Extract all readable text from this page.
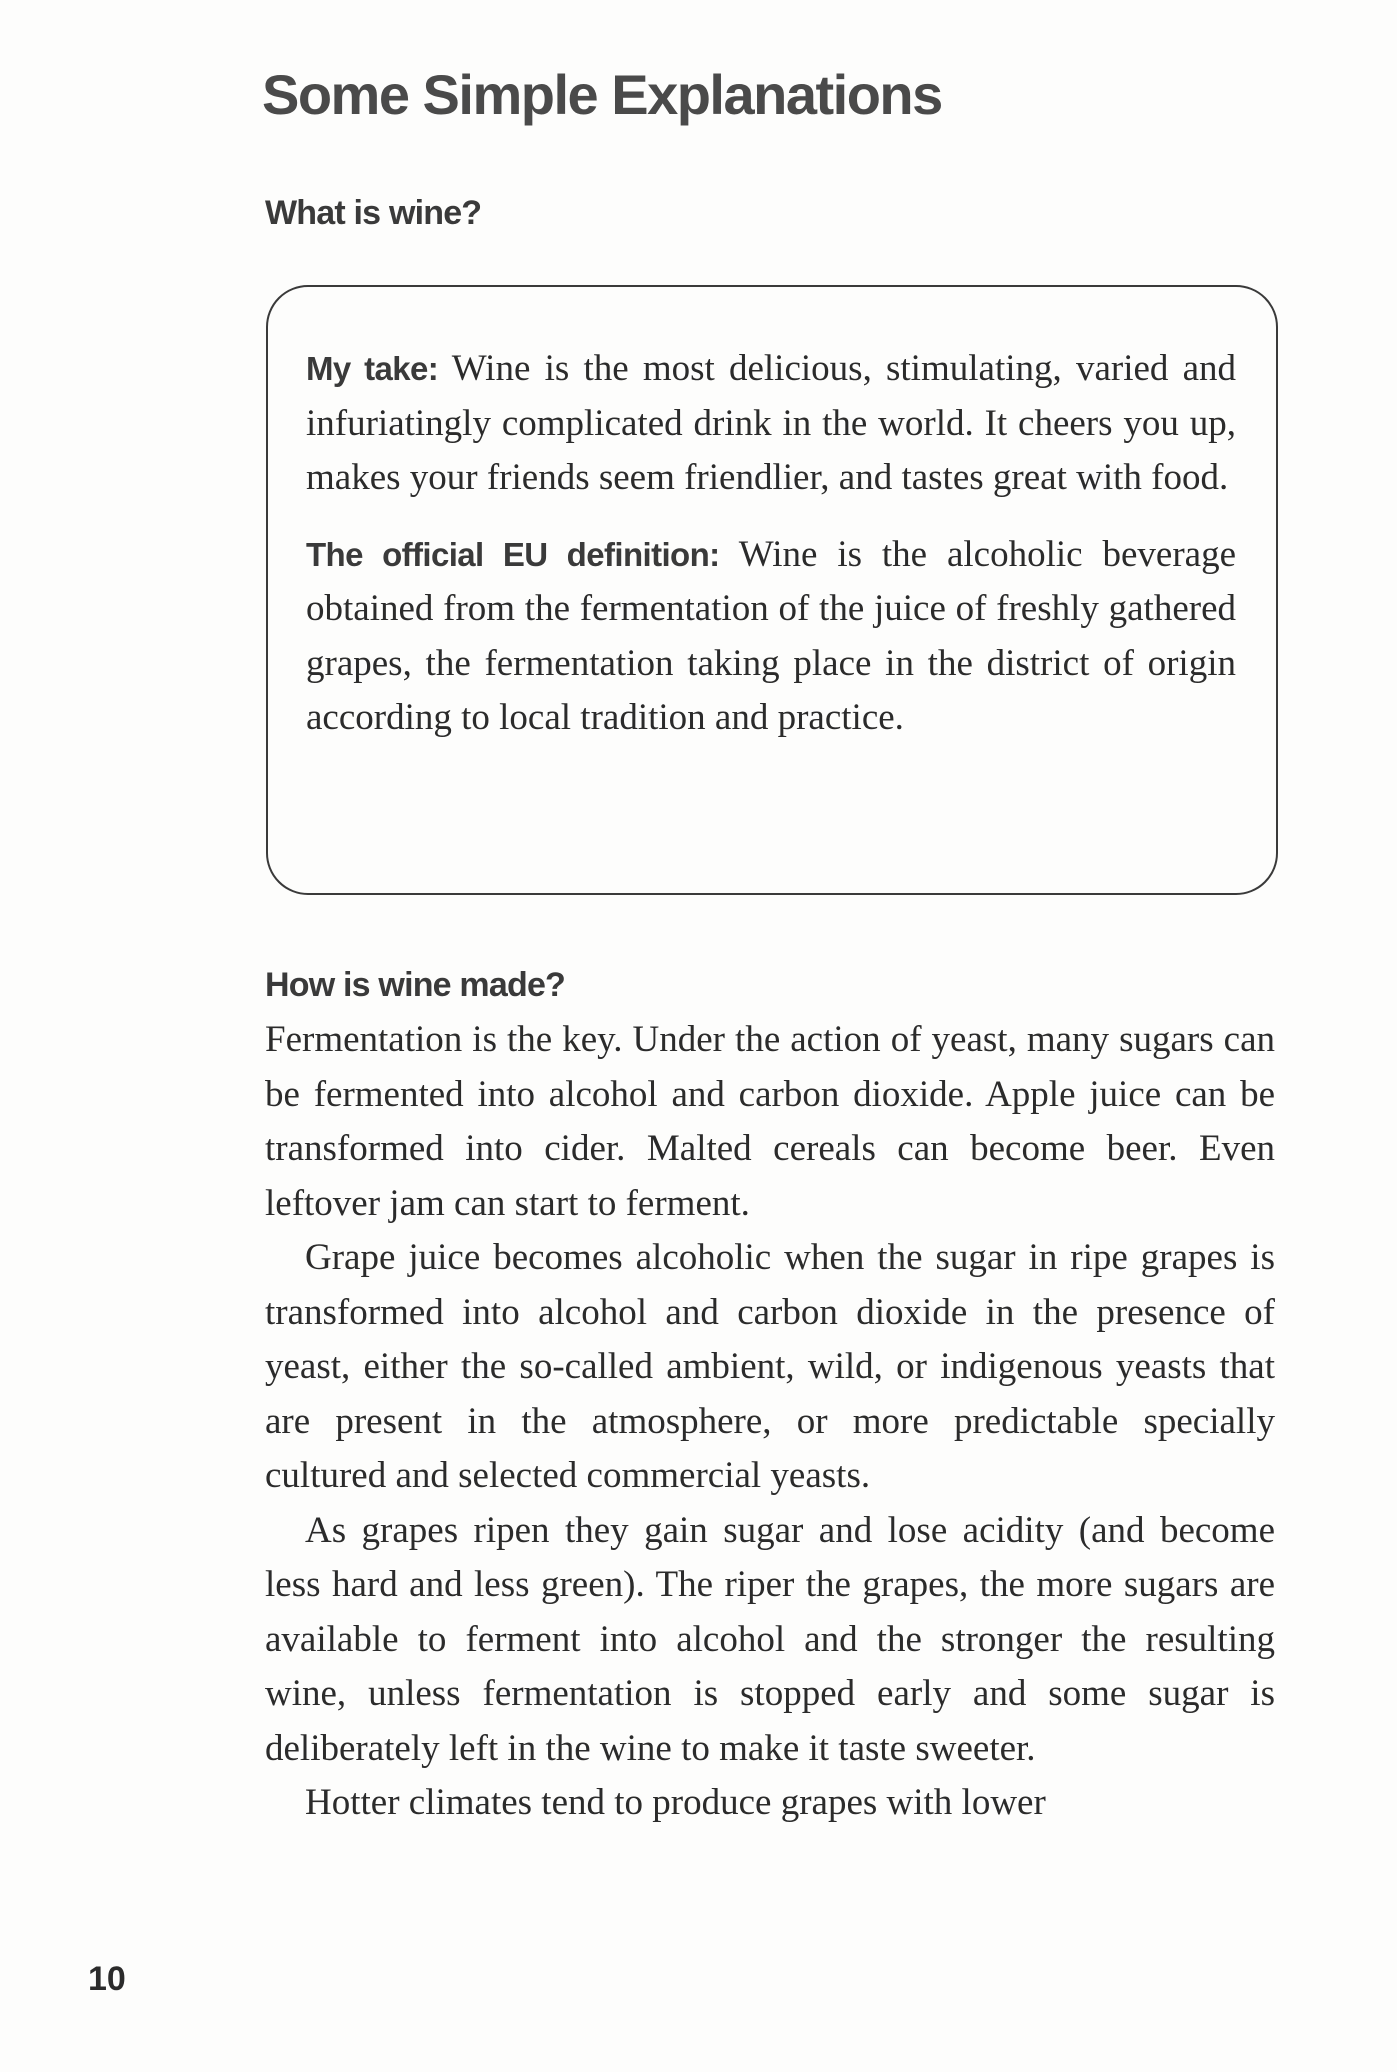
Some Simple Explanations
What is wine?

My take: Wine is the most delicious, stimulating, varied and infuriatingly complicated drink in the world. It cheers you up, makes your friends seem friendlier, and tastes great with food.

The official EU definition: Wine is the alcoholic beverage obtained from the fermentation of the juice of freshly gathered grapes, the fermentation taking place in the district of origin according to local tradition and practice.

How is wine made?

Fermentation is the key. Under the action of yeast, many sugars can be fermented into alcohol and carbon dioxide. Apple juice can be transformed into cider. Malted cereals can become beer. Even leftover jam can start to ferment.

Grape juice becomes alcoholic when the sugar in ripe grapes is transformed into alcohol and carbon dioxide in the presence of yeast, either the so-called ambient, wild, or indigenous yeasts that are present in the atmosphere, or more predictable specially cultured and selected commercial yeasts.

As grapes ripen they gain sugar and lose acidity (and become less hard and less green). The riper the grapes, the more sugars are available to ferment into alcohol and the stronger the resulting wine, unless fermentation is stopped early and some sugar is deliberately left in the wine to make it taste sweeter.

Hotter climates tend to produce grapes with lower

10
